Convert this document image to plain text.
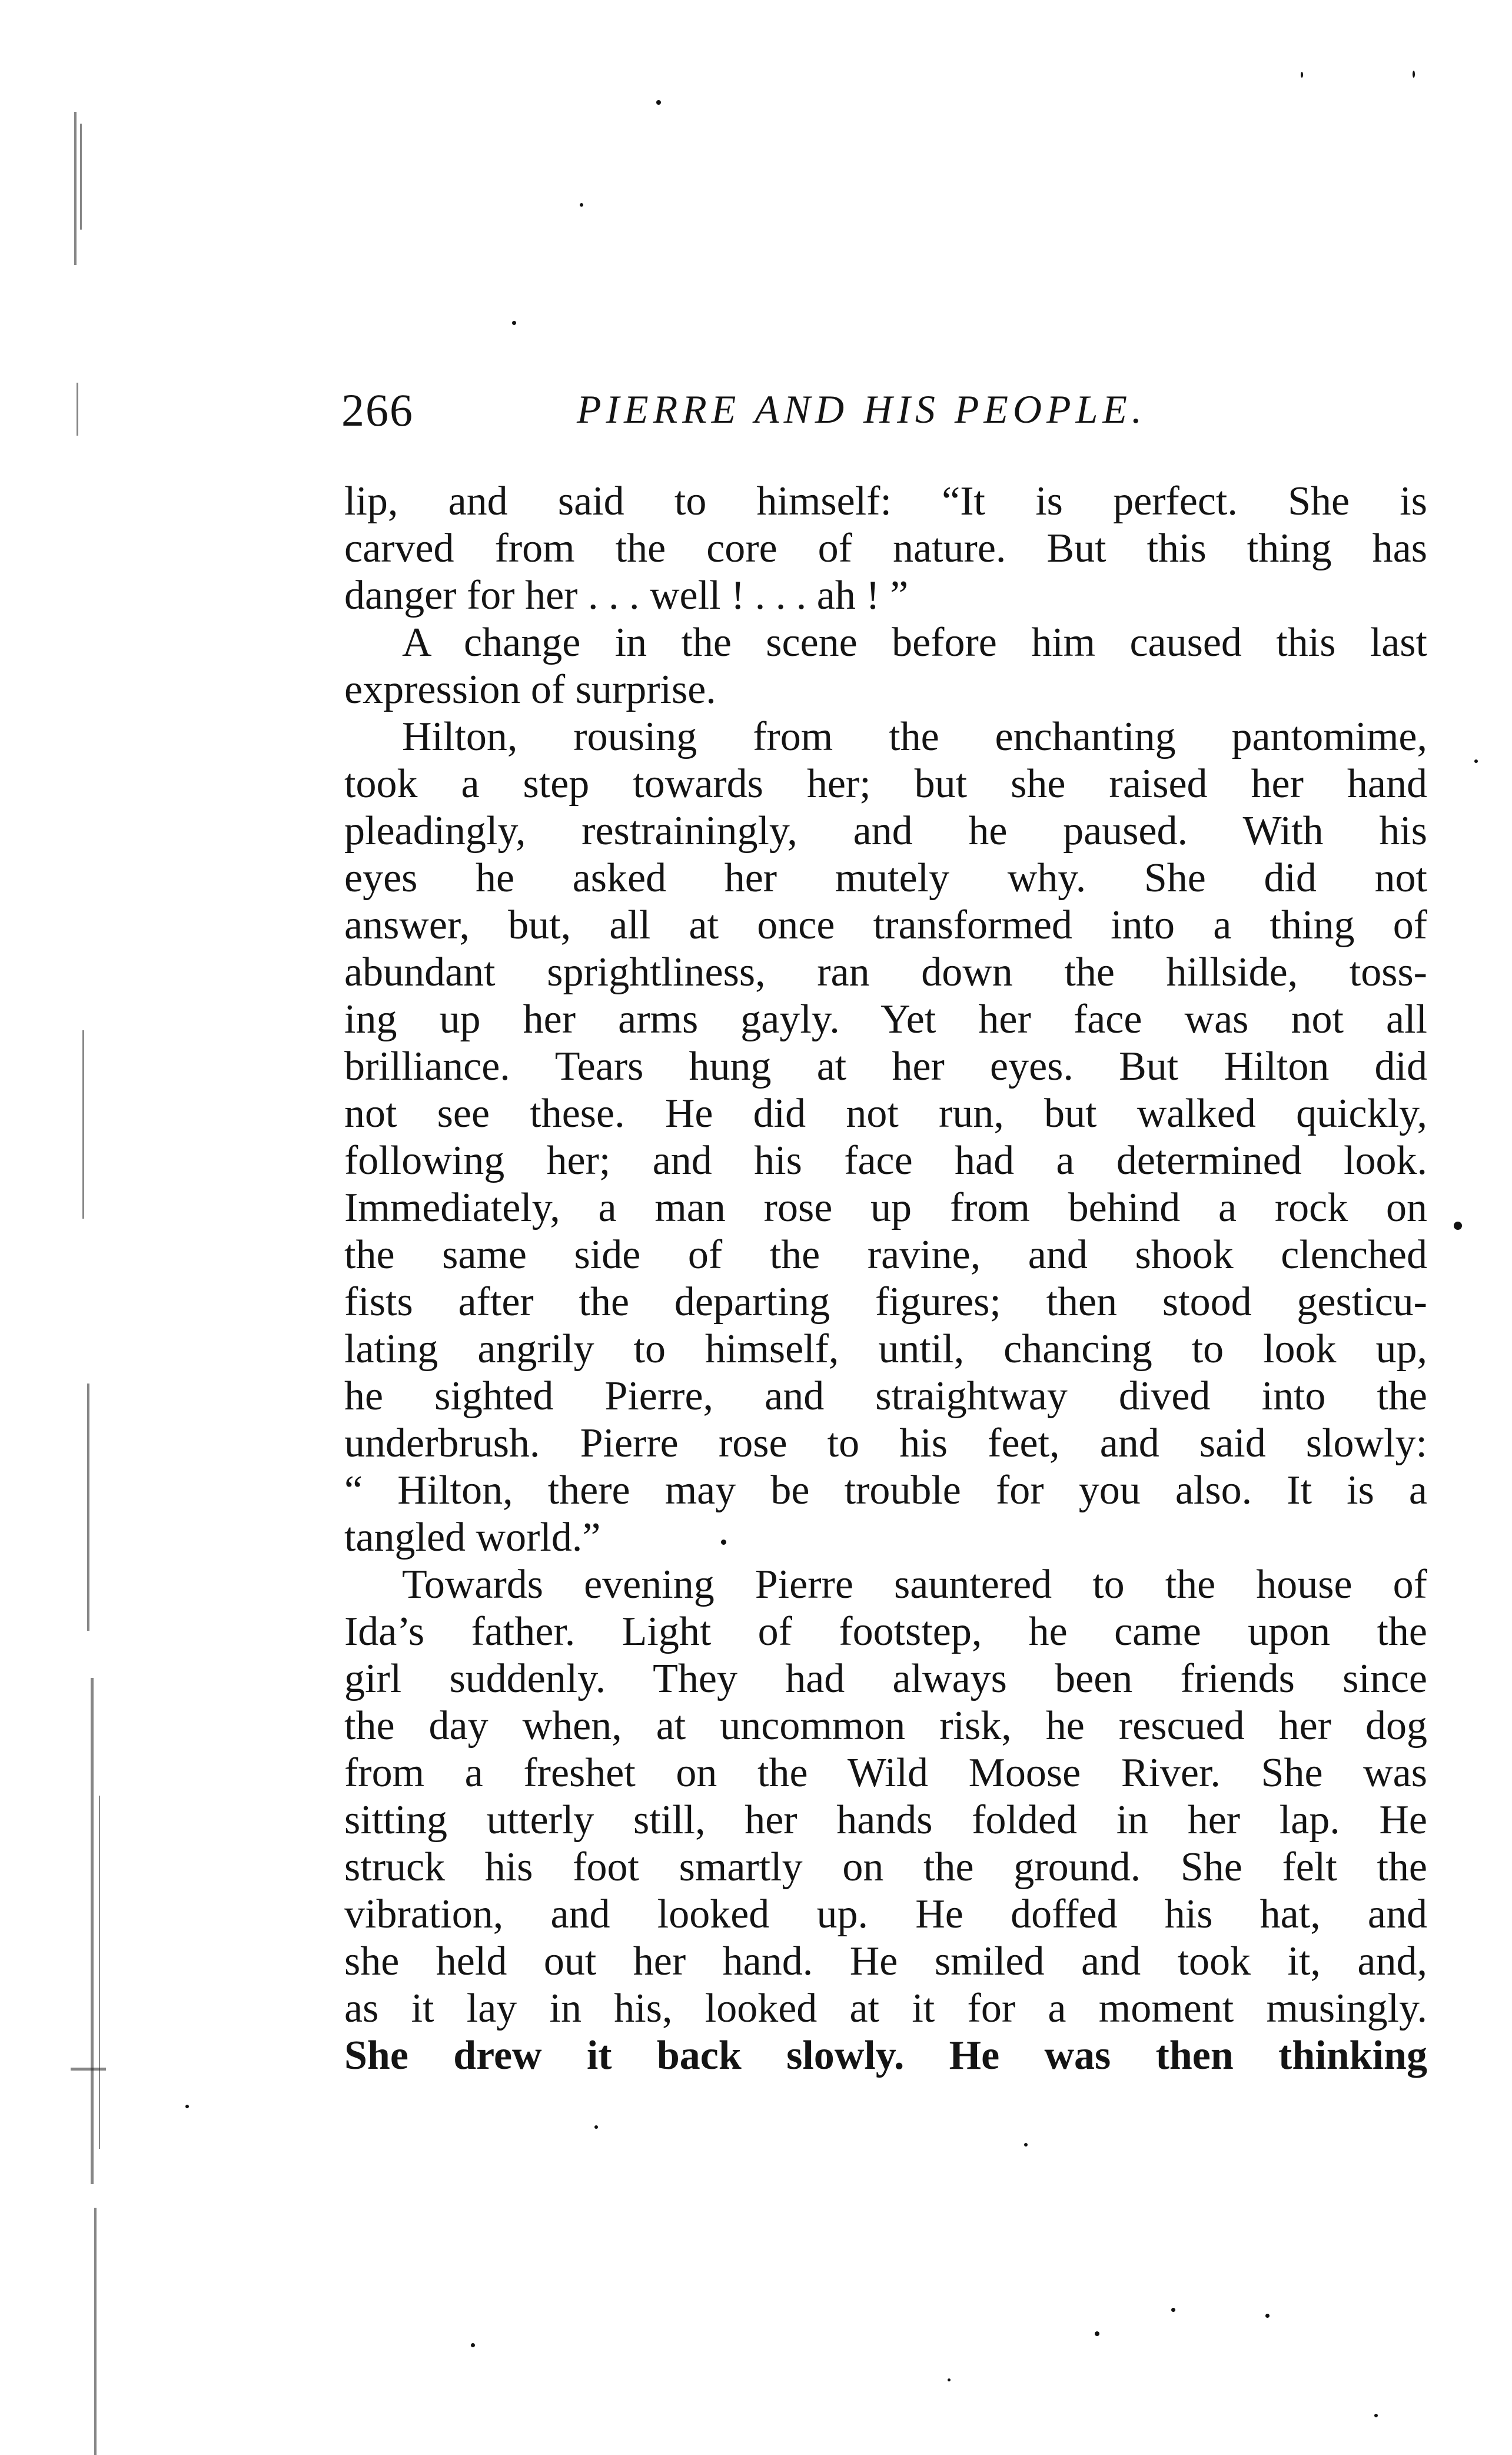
266	PIERRE AND HIS PEOPLE.
lip, and said to himself: “It is perfect. She is
carved from the core of nature. But this thing has
danger for her . . . well ! . . . ah ! ”
A change in the scene before him caused this last
expression of surprise.
Hilton, rousing from the enchanting pantomime,
took a step towards her; but she raised her hand
pleadingly, restrainingly, and he paused. With his
eyes he asked her mutely why. She did not
answer, but, all at once transformed into a thing of
abundant sprightliness, ran down the hillside, toss-
ing up her arms gayly. Yet her face was not all
brilliance. Tears hung at her eyes. But Hilton did
not see these. He did not run, but walked quickly,
following her; and his face had a determined look.
Immediately, a man rose up from behind a rock on
the same side of the ravine, and shook clenched
fists after the departing figures; then stood gesticu-
lating angrily to himself, until, chancing to look up,
he sighted Pierre, and straightway dived into the
underbrush. Pierre rose to his feet, and said slowly:
“ Hilton, there may be trouble for you also. It is a
tangled world.”
Towards evening Pierre sauntered to the house of
Ida’s father. Light of footstep, he came upon the
girl suddenly. They had always been friends since
the day when, at uncommon risk, he rescued her dog
from a freshet on the Wild Moose River. She was
sitting utterly still, her hands folded in her lap. He
struck his foot smartly on the ground. She felt the
vibration, and looked up. He doffed his hat, and
she held out her hand. He smiled and took it, and,
as it lay in his, looked at it for a moment musingly.
She drew it back slowly. He was then thinking
